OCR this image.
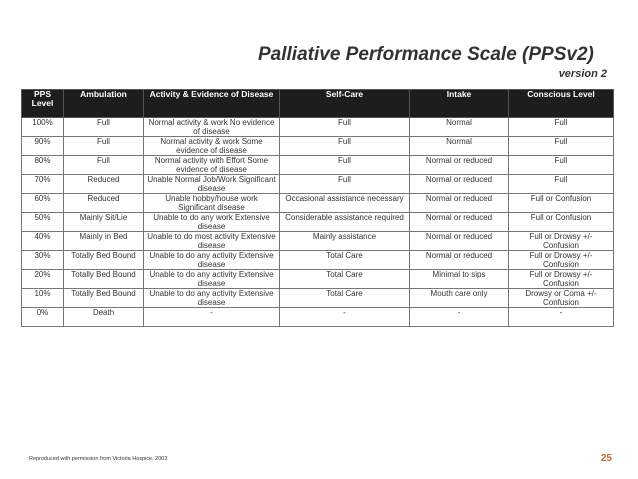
Palliative Performance Scale (PPSv2)
version 2
PPS Level	Ambulation	Activity & Evidence of Disease	Self-Care	Intake	Conscious Level
100%	Full	Normal activity & work No evidence of disease	Full	Normal	Full
90%	Full	Normal activity & work Some evidence of disease	Full	Normal	Full
80%	Full	Normal activity with Effort Some evidence of disease	Full	Normal or reduced	Full
70%	Reduced	Unable Normal Job/Work Significant disease	Full	Normal or reduced	Full
60%	Reduced	Unable hobby/house work Significant disease	Occasional assistance necessary	Normal or reduced	Full or Confusion
50%	Mainly Sit/Lie	Unable to do any work Extensive disease	Considerable assistance required	Normal or reduced	Full or Confusion
40%	Mainly in Bed	Unable to do most activity Extensive disease	Mainly assistance	Normal or reduced	Full or Drowsy +/- Confusion
30%	Totally Bed Bound	Unable to do any activity Extensive disease	Total Care	Normal or reduced	Full or Drowsy +/- Confusion
20%	Totally Bed Bound	Unable to do any activity Extensive disease	Total Care	Minimal to sips	Full or Drowsy +/- Confusion
10%	Totally Bed Bound	Unable to do any activity Extensive disease	Total Care	Mouth care only	Drowsy or Coma +/- Confusion
0%	Death	-	-	-	-
Reproduced with permission from Victoria Hospice, 2003	25
